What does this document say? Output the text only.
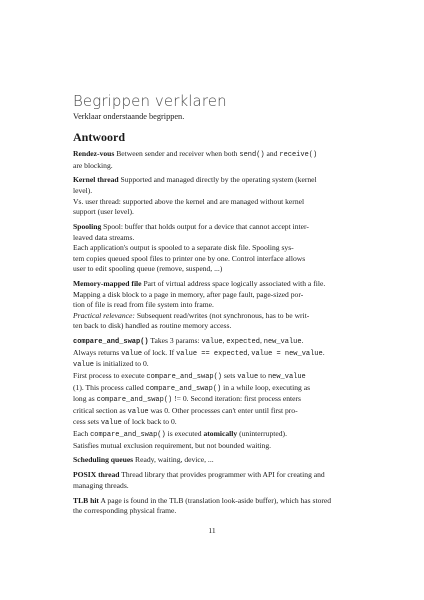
Begrippen verklaren

Verklaar onderstaande begrippen.

Antwoord
Rendez-vous Between sender and receiver when both send() and receive()
are blocking.
Kernel thread Supported and managed directly by the operating system (kernel
level).
Vs. user thread: supported above the kernel and are managed without kernel
support (user level).
Spooling Spool: buffer that holds output for a device that cannot accept inter-
leaved data streams.
Each application's output is spooled to a separate disk file. Spooling sys-
tem copies queued spool files to printer one by one. Control interface allows
user to edit spooling queue (remove, suspend, ...)
Memory-mapped file Part of virtual address space logically associated with a file.
Mapping a disk block to a page in memory, after page fault, page-sized por-
tion of file is read from file system into frame.
Practical relevance: Subsequent read/writes (not synchronous, has to be writ-
ten back to disk) handled as routine memory access.
compare_and_swap() Takes 3 params: value, expected, new_value.
Always returns value of lock. If value == expected, value = new_value.
value is initialized to 0.
First process to execute compare_and_swap() sets value to new_value
(1). This process called compare_and_swap() in a while loop, executing as
long as compare_and_swap() != 0. Second iteration: first process enters
critical section as value was 0. Other processes can't enter until first pro-
cess sets value of lock back to 0.
Each compare_and_swap() is executed atomically (uninterrupted).
Satisfies mutual exclusion requirement, but not bounded waiting.
Scheduling queues Ready, waiting, device, ...
POSIX thread Thread library that provides programmer with API for creating and
managing threads.
TLB hit A page is found in the TLB (translation look-aside buffer), which has stored
the corresponding physical frame.

11
